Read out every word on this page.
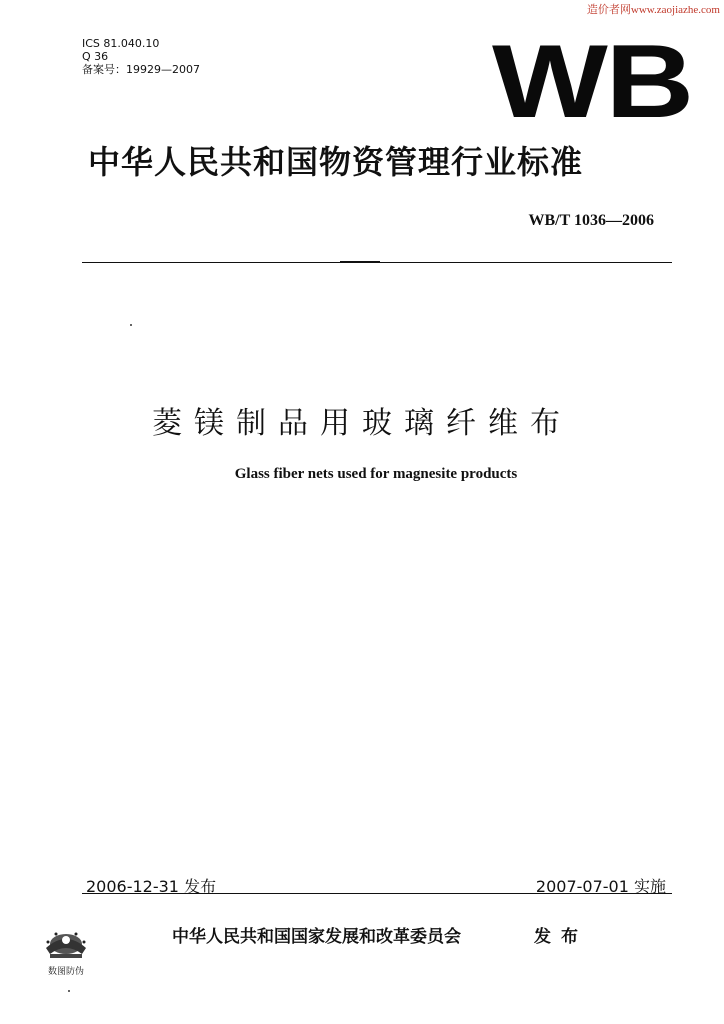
造价者网www.zaojiazhe.com
ICS 81.040.10
Q 36
备案号：19929—2007	WB
中华人民共和国物资管理行业标准
WB/T 1036—2006
菱镁制品用玻璃纤维布
Glass fiber nets used for magnesite products
2006-12-31 发布	2007-07-01 实施
中华人民共和国国家发展和改革委员会	发布
数图防伪
